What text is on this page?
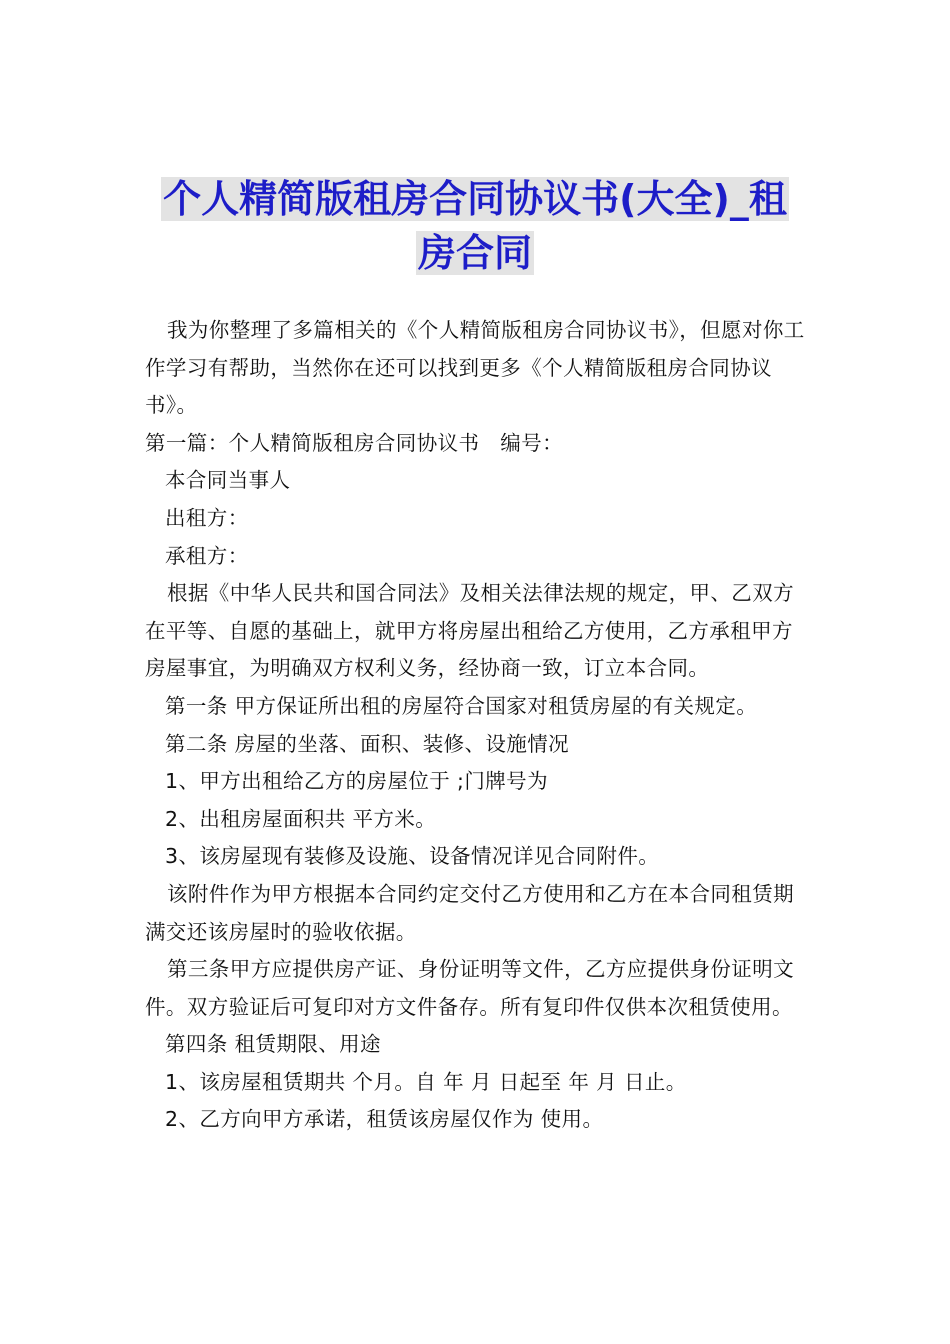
个人精简版租房合同协议书(大全)_租
房合同

我为你整理了多篇相关的《个人精简版租房合同协议书》，但愿对你工作学习有帮助，当然你在还可以找到更多《个人精简版租房合同协议书》。

第一篇：个人精简版租房合同协议书　编号：

本合同当事人

出租方：

承租方：

根据《中华人民共和国合同法》及相关法律法规的规定，甲、乙双方在平等、自愿的基础上，就甲方将房屋出租给乙方使用，乙方承租甲方房屋事宜，为明确双方权利义务，经协商一致，订立本合同。

第一条 甲方保证所出租的房屋符合国家对租赁房屋的有关规定。

第二条 房屋的坐落、面积、装修、设施情况

1、甲方出租给乙方的房屋位于 ;门牌号为

2、出租房屋面积共 平方米。

3、该房屋现有装修及设施、设备情况详见合同附件。

该附件作为甲方根据本合同约定交付乙方使用和乙方在本合同租赁期满交还该房屋时的验收依据。

第三条甲方应提供房产证、身份证明等文件，乙方应提供身份证明文件。双方验证后可复印对方文件备存。所有复印件仅供本次租赁使用。

第四条 租赁期限、用途

1、该房屋租赁期共 个月。自 年 月 日起至 年 月 日止。

2、乙方向甲方承诺，租赁该房屋仅作为 使用。
